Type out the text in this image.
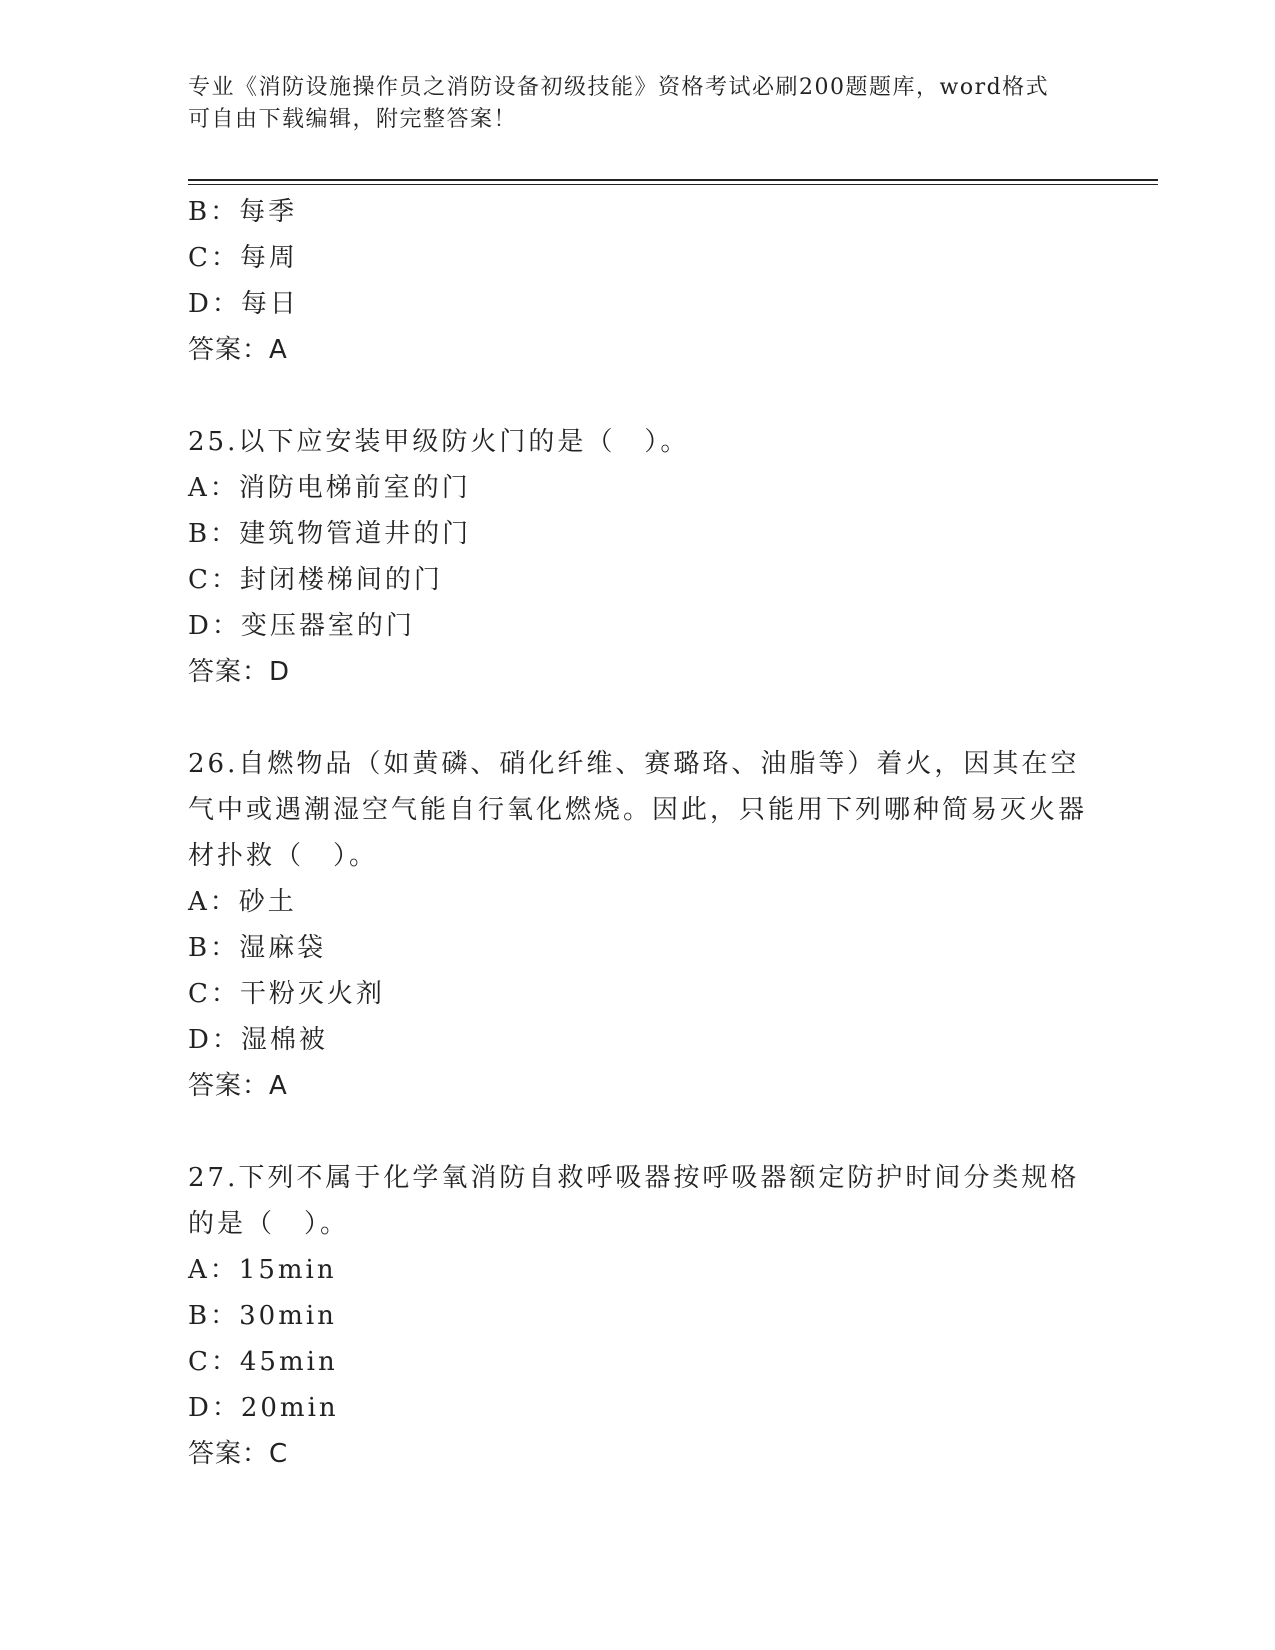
专业《消防设施操作员之消防设备初级技能》资格考试必刷200题题库，word格式可自由下载编辑，附完整答案！
B：每季
C：每周
D：每日
答案：A
25.以下应安装甲级防火门的是（　）。
A：消防电梯前室的门
B：建筑物管道井的门
C：封闭楼梯间的门
D：变压器室的门
答案：D
26.自燃物品（如黄磷、硝化纤维、赛璐珞、油脂等）着火，因其在空气中或遇潮湿空气能自行氧化燃烧。因此，只能用下列哪种简易灭火器材扑救（　）。
A：砂土
B：湿麻袋
C：干粉灭火剂
D：湿棉被
答案：A
27.下列不属于化学氧消防自救呼吸器按呼吸器额定防护时间分类规格的是（　）。
A：15min
B：30min
C：45min
D：20min
答案：C
